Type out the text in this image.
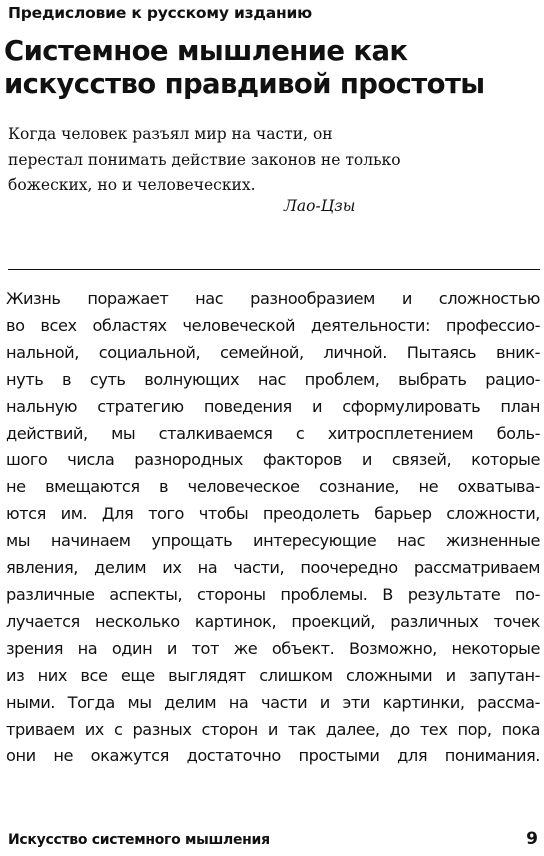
Предисловие к русскому изданию
Системное мышление как
искусство правдивой простоты
Когда человек разъял мир на части, он
перестал понимать действие законов не только
божеских, но и человеческих.
Лао-Цзы
Жизнь поражает нас разнообразием и сложностью
во всех областях человеческой деятельности: профессио-
нальной, социальной, семейной, личной. Пытаясь вник-
нуть в суть волнующих нас проблем, выбрать рацио-
нальную стратегию поведения и сформулировать план
действий, мы сталкиваемся с хитросплетением боль-
шого числа разнородных факторов и связей, которые
не вмещаются в человеческое сознание, не охватыва-
ются им. Для того чтобы преодолеть барьер сложности,
мы начинаем упрощать интересующие нас жизненные
явления, делим их на части, поочередно рассматриваем
различные аспекты, стороны проблемы. В результате по-
лучается несколько картинок, проекций, различных точек
зрения на один и тот же объект. Возможно, некоторые
из них все еще выглядят слишком сложными и запутан-
ными. Тогда мы делим на части и эти картинки, рассма-
триваем их с разных сторон и так далее, до тех пор, пока
они не окажутся достаточно простыми для понимания.
Искусство системного мышления	9
